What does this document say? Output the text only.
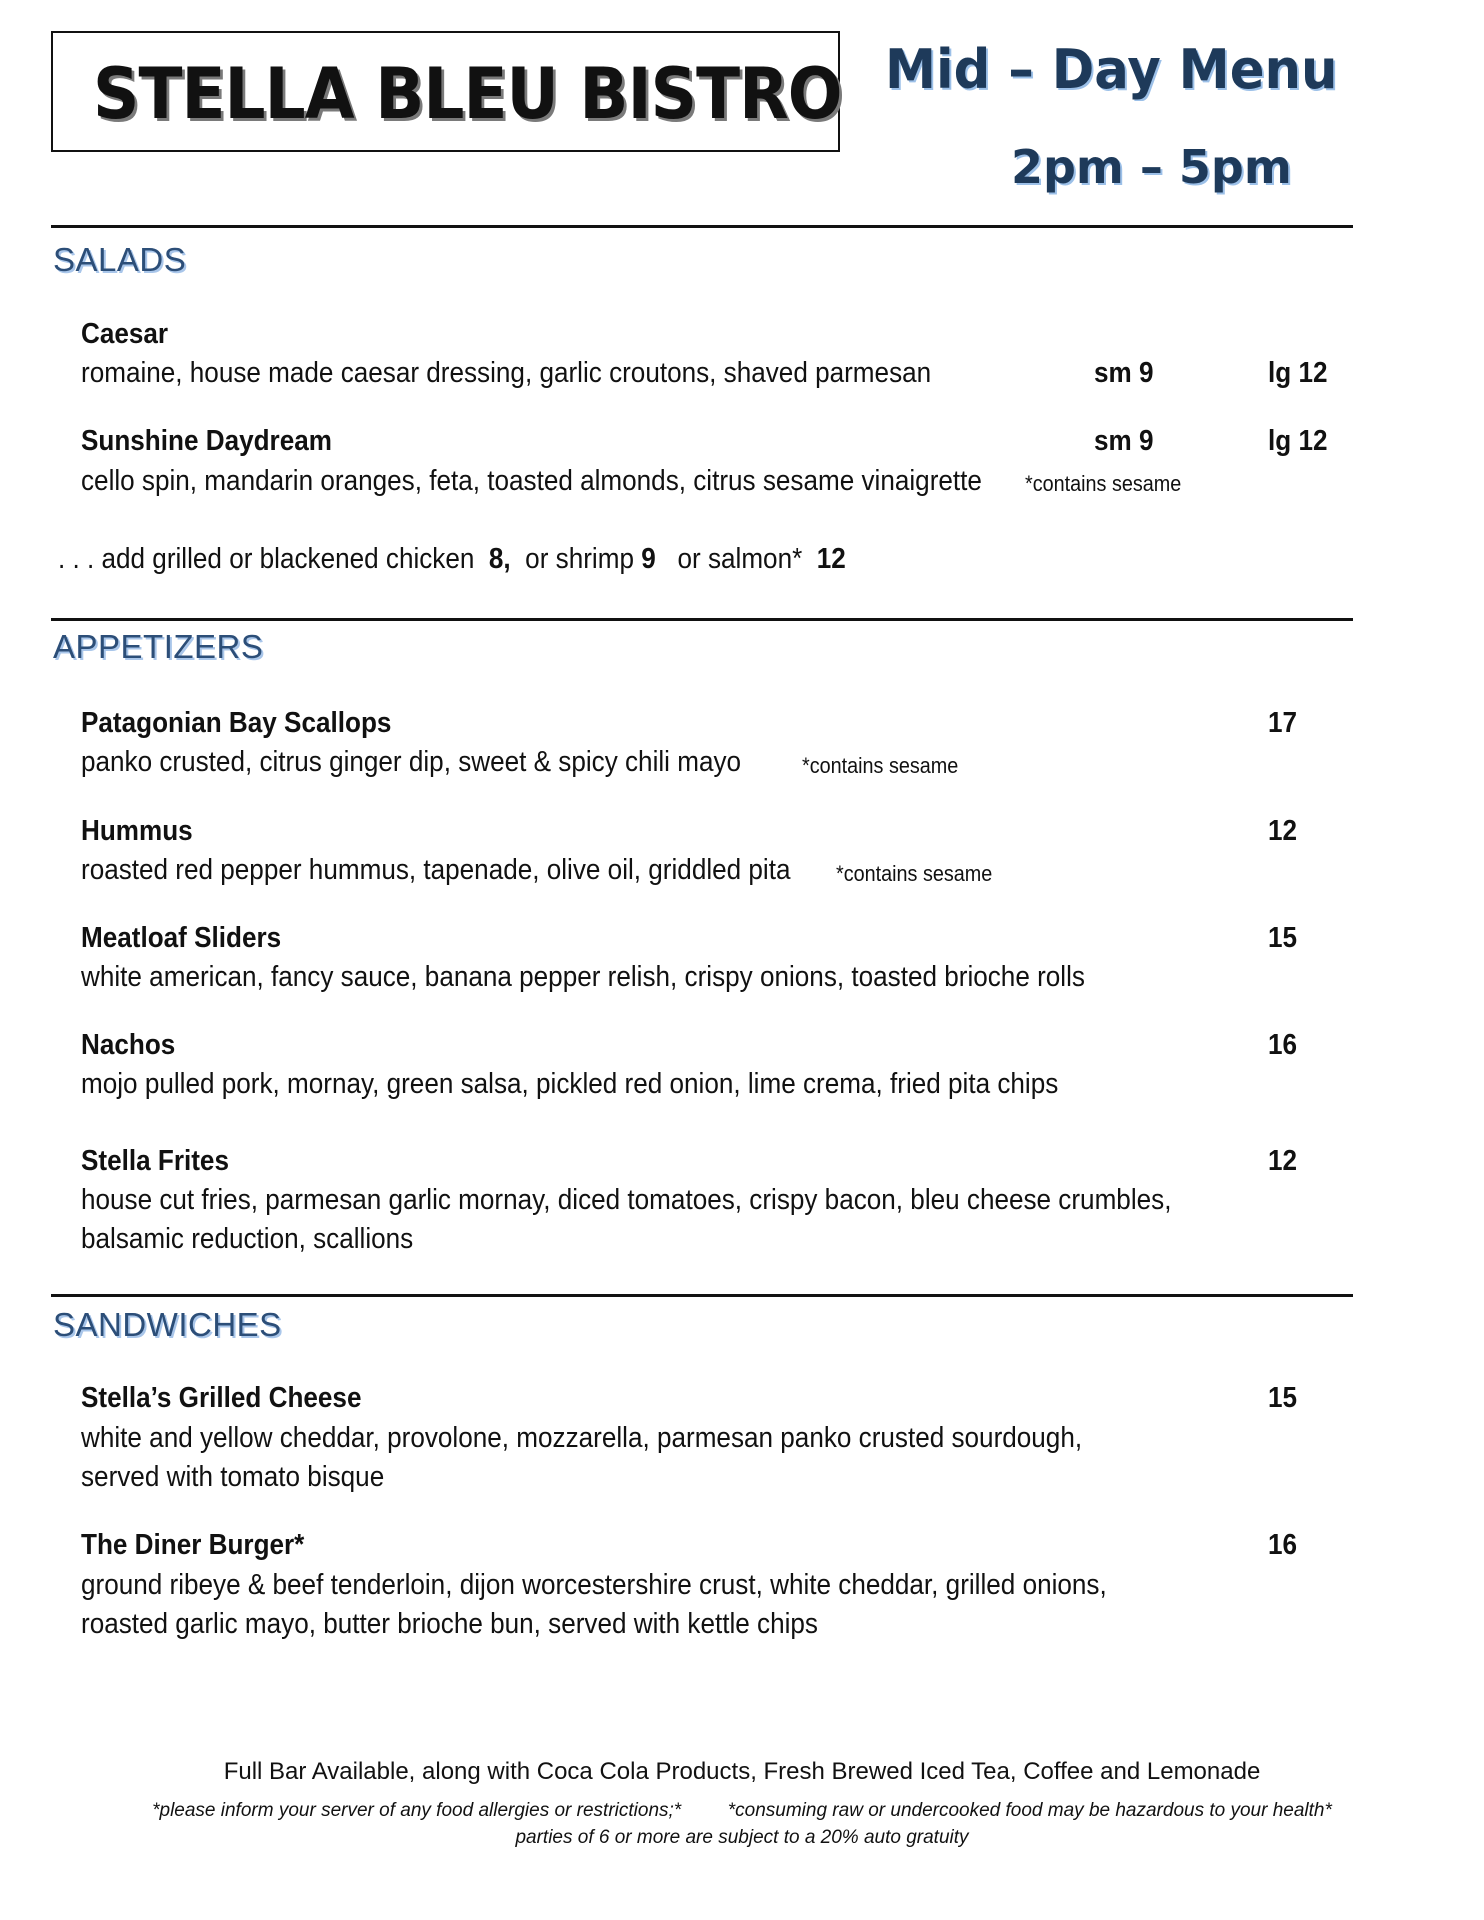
STELLA BLEU BISTRO Mid – Day Menu
2pm – 5pm
SALADS
Caesar
romaine, house made caesar dressing, garlic croutons, shaved parmesan	sm 9	lg 12
Sunshine Daydream	sm 9	lg 12
cello spin, mandarin oranges, feta, toasted almonds, citrus sesame vinaigrette *contains sesame
. . . add grilled or blackened chicken 8, or shrimp 9 or salmon* 12
APPETIZERS
Patagonian Bay Scallops	17
panko crusted, citrus ginger dip, sweet & spicy chili mayo	*contains sesame
Hummus	12
roasted red pepper hummus, tapenade, olive oil, griddled pita *contains sesame
Meatloaf Sliders	15
white american, fancy sauce, banana pepper relish, crispy onions, toasted brioche rolls
Nachos	16
mojo pulled pork, mornay, green salsa, pickled red onion, lime crema, fried pita chips
Stella Frites	12
house cut fries, parmesan garlic mornay, diced tomatoes, crispy bacon, bleu cheese crumbles,
balsamic reduction, scallions
SANDWICHES
Stella’s Grilled Cheese	15
white and yellow cheddar, provolone, mozzarella, parmesan panko crusted sourdough,
served with tomato bisque
The Diner Burger*	16
ground ribeye & beef tenderloin, dijon worcestershire crust, white cheddar, grilled onions,
roasted garlic mayo, butter brioche bun, served with kettle chips
Full Bar Available, along with Coca Cola Products, Fresh Brewed Iced Tea, Coffee and Lemonade
*please inform your server of any food allergies or restrictions;* *consuming raw or undercooked food may be hazardous to your health*
parties of 6 or more are subject to a 20% auto gratuity
